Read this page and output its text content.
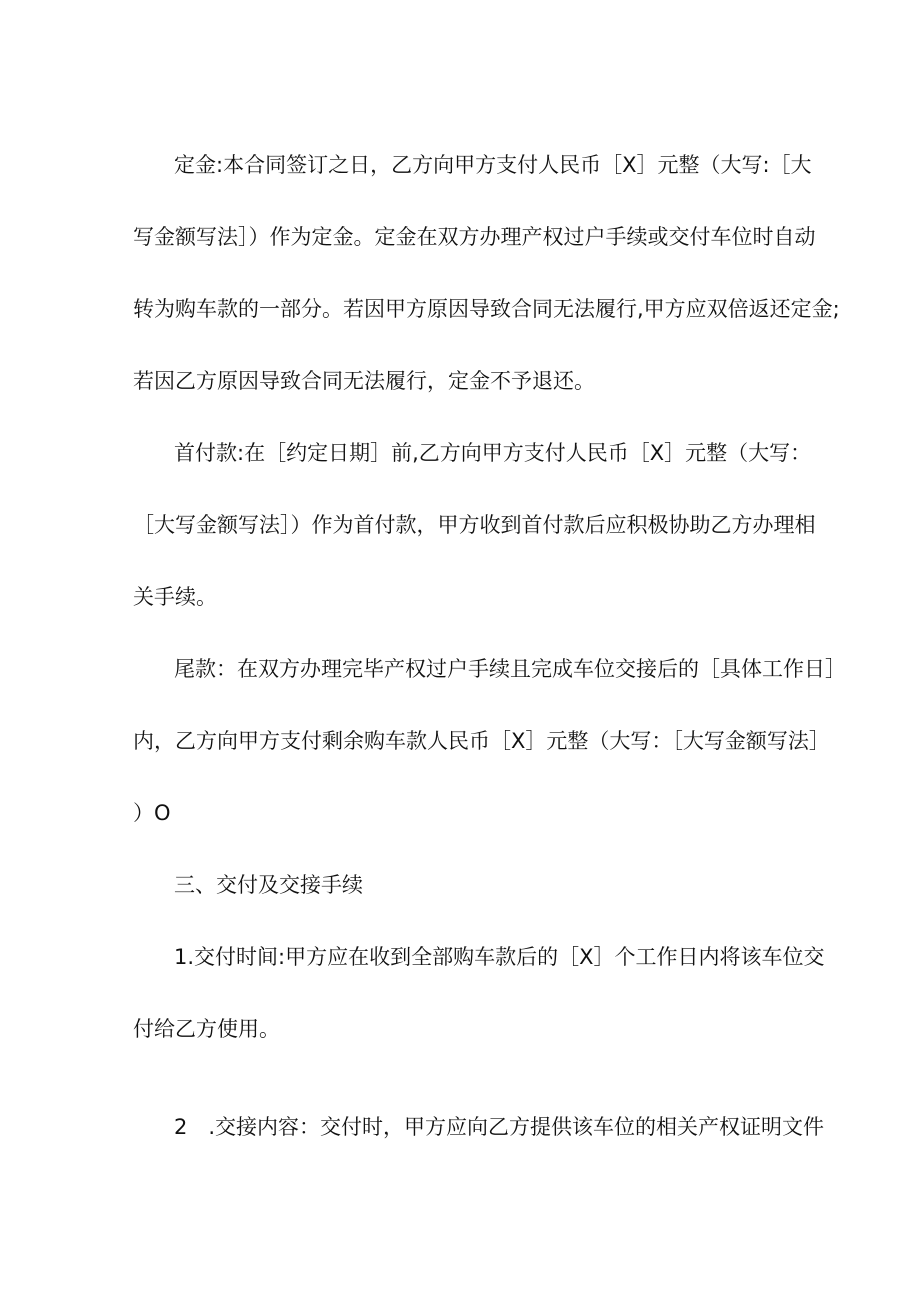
定金:本合同签订之日，乙方向甲方支付人民币［X］元整（大写:［大
写金额写法］）作为定金。定金在双方办理产权过户手续或交付车位时自动
转为购车款的一部分。若因甲方原因导致合同无法履行,甲方应双倍返还定金;
若因乙方原因导致合同无法履行，定金不予退还。
首付款:在［约定日期］前,乙方向甲方支付人民币［X］元整（大写：
［大写金额写法］）作为首付款，甲方收到首付款后应积极协助乙方办理相
关手续。
尾款：在双方办理完毕产权过户手续且完成车位交接后的［具体工作日］
内，乙方向甲方支付剩余购车款人民币［X］元整（大写：［大写金额写法］
）O
三、交付及交接手续
1.交付时间:甲方应在收到全部购车款后的［X］个工作日内将该车位交
付给乙方使用。
2　.交接内容：交付时，甲方应向乙方提供该车位的相关产权证明文件
